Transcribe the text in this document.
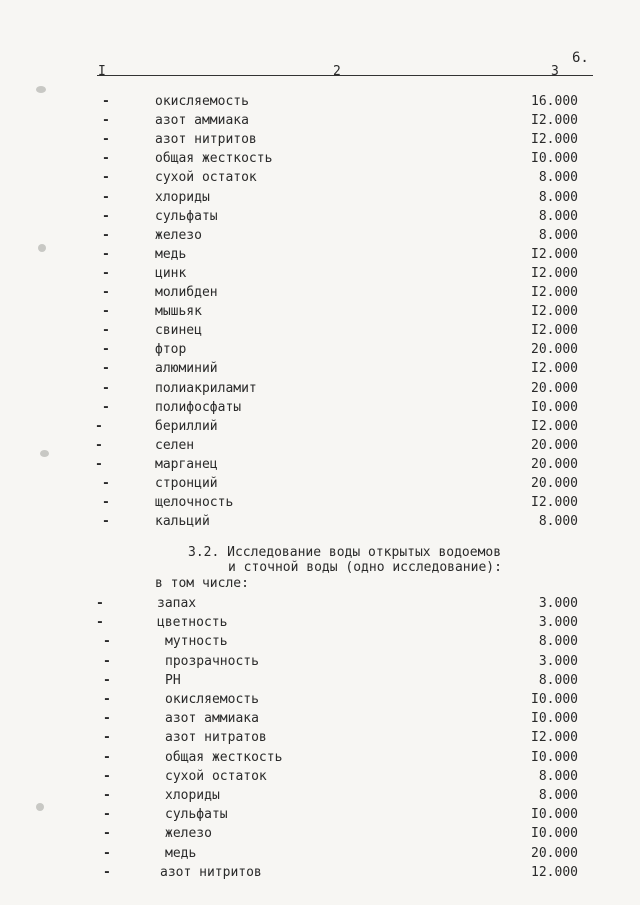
6.
I	2	3
-	окисляемость	16.000
-	азот аммиака	I2.000
-	азот нитритов	I2.000
-	общая жесткость	I0.000
-	сухой остаток	8.000
-	хлориды	8.000
-	сульфаты	8.000
-	железо	8.000
-	медь	I2.000
-	цинк	I2.000
-	молибден	I2.000
-	мышьяк	I2.000
-	свинец	I2.000
-	фтор	20.000
-	алюминий	I2.000
-	полиакриламит	20.000
-	полифосфаты	I0.000
-	бериллий	I2.000
-	селен	20.000
-	марганец	20.000
-	стронций	20.000
-	щелочность	I2.000
-	кальций	8.000
3.2. Исследование воды открытых водоемов
и сточной воды (одно исследование):
в том числе:
-	запах	3.000
-	цветность	3.000
-	мутность	8.000
-	прозрачность	3.000
-	РН	8.000
-	окисляемость	I0.000
-	азот аммиака	I0.000
-	азот нитратов	I2.000
-	общая жесткость	I0.000
-	сухой остаток	8.000
-	хлориды	8.000
-	сульфаты	I0.000
-	железо	I0.000
-	медь	20.000
-	азот нитритов	12.000
